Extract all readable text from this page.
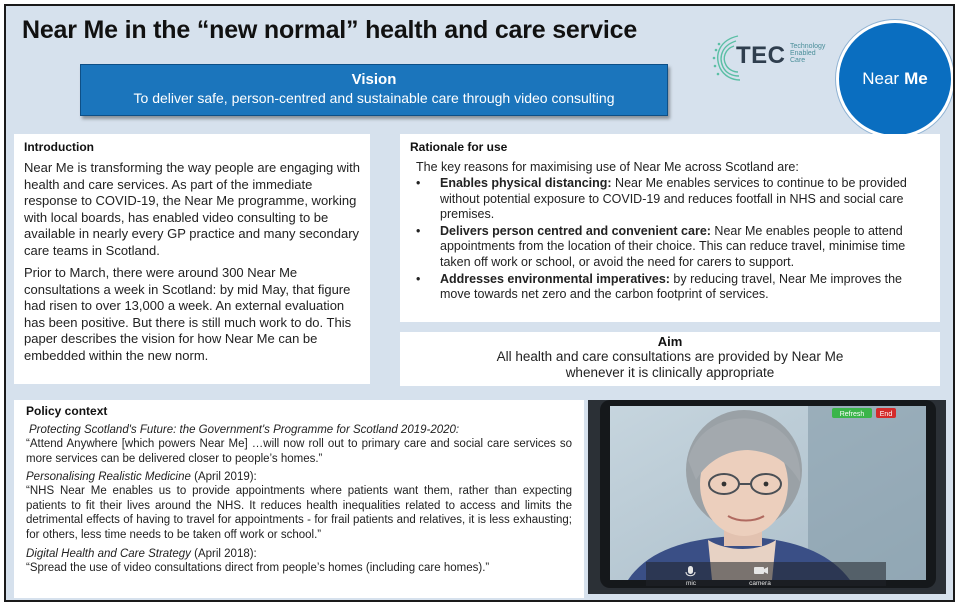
Near Me in the “new normal” health and care service
Vision
To deliver safe, person-centred and sustainable care through video consulting
TEC Technology
Enabled
Care
Near Me
Introduction

Near Me is transforming the way people are engaging with health and care services. As part of the immediate response to COVID-19, the Near Me programme, working with local boards, has enabled video consulting to be available in nearly every GP practice and many secondary care teams in Scotland.

Prior to March, there were around 300 Near Me consultations a week in Scotland: by mid May, that figure had risen to over 13,000 a week. An external evaluation has been positive. But there is still much work to do. This paper describes the vision for how Near Me can be embedded within the new norm.

Rationale for use
The key reasons for maximising use of Near Me across Scotland are:
• Enables physical distancing: Near Me enables services to continue to be provided without potential exposure to COVID-19 and reduces footfall in NHS and social care premises.
• Delivers person centred and convenient care: Near Me enables people to attend appointments from the location of their choice. This can reduce travel, minimise time taken off work or school, or avoid the need for carers to support.
• Addresses environmental imperatives: by reducing travel, Near Me improves the move towards net zero and the carbon footprint of services.
Aim
All health and care consultations are provided by Near Me
whenever it is clinically appropriate
Policy context
Protecting Scotland's Future: the Government's Programme for Scotland 2019-2020:
“Attend Anywhere [which powers Near Me] …will now roll out to primary care and social care services so more services can be delivered closer to people’s homes.”
Personalising Realistic Medicine (April 2019):
“NHS Near Me enables us to provide appointments where patients want them, rather than expecting patients to fit their lives around the NHS. It reduces health inequalities related to access and limits the detrimental effects of having to travel for appointments - for frail patients and relatives, it is less exhausting; for others, less time needs to be taken off work or school.”
Digital Health and Care Strategy (April 2018):
“Spread the use of video consultations direct from people’s homes (including care homes).”
Refresh End
mic	camera
